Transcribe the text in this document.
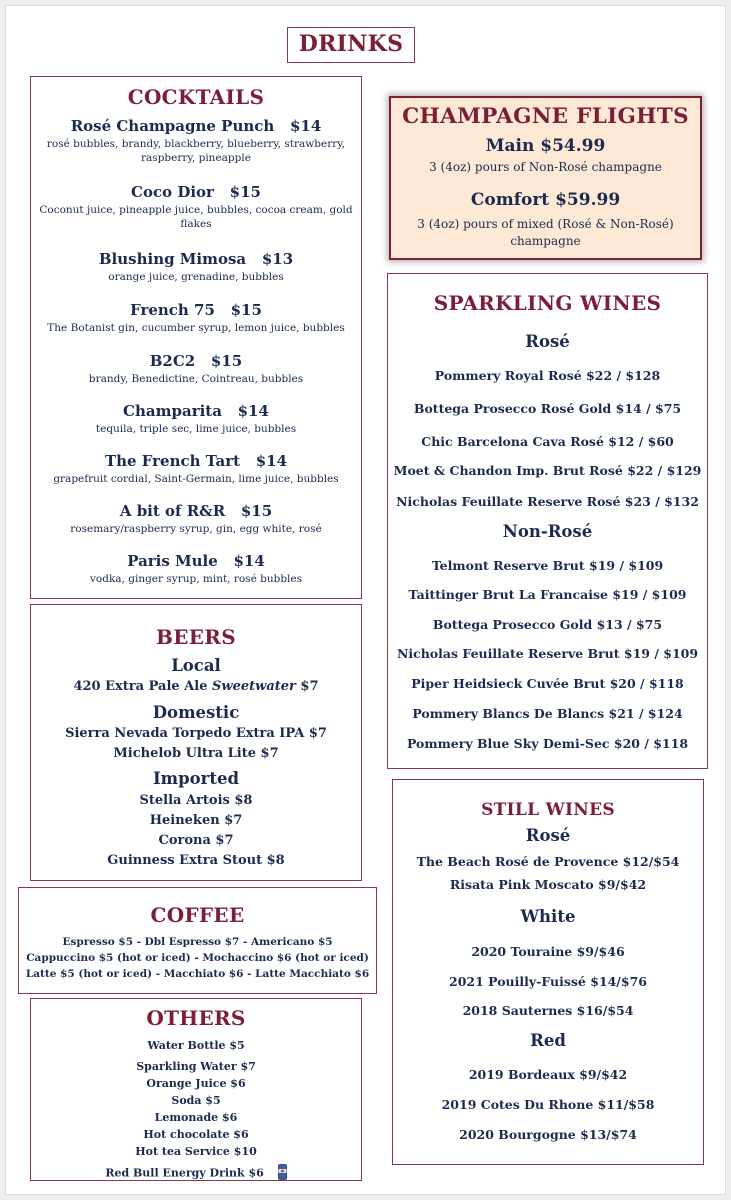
DRINKS
COCKTAILS
Rosé Champagne Punch $14
rosé bubbles, brandy, blackberry, blueberry, strawberry, raspberry, pineapple
Coco Dior $15
Coconut juice, pineapple juice, bubbles, cocoa cream, gold flakes
Blushing Mimosa $13
orange juice, grenadine, bubbles
French 75 $15
The Botanist gin, cucumber syrup, lemon juice, bubbles
B2C2 $15
brandy, Benedictine, Cointreau, bubbles
Champarita $14
tequila, triple sec, lime juice, bubbles
The French Tart $14
grapefruit cordial, Saint-Germain, lime juice, bubbles
A bit of R&R $15
rosemary/raspberry syrup, gin, egg white, rosé
Paris Mule $14
vodka, ginger syrup, mint, rosé bubbles
BEERS
Local
420 Extra Pale Ale Sweetwater $7
Domestic
Sierra Nevada Torpedo Extra IPA $7
Michelob Ultra Lite $7
Imported
Stella Artois $8
Heineken $7
Corona $7
Guinness Extra Stout $8
COFFEE
Espresso $5 - Dbl Espresso $7 - Americano $5
Cappuccino $5 (hot or iced) - Mochaccino $6 (hot or iced)
Latte $5 (hot or iced) - Macchiato $6 - Latte Macchiato $6
OTHERS
Water Bottle $5
Sparkling Water $7
Orange Juice $6
Soda $5
Lemonade $6
Hot chocolate $6
Hot tea Service $10
Red Bull Energy Drink $6
CHAMPAGNE FLIGHTS
Main $54.99
3 (4oz) pours of Non-Rosé champagne
Comfort $59.99
3 (4oz) pours of mixed (Rosé & Non-Rosé) champagne
SPARKLING WINES
Rosé
Pommery Royal Rosé $22 / $128
Bottega Prosecco Rosé Gold $14 / $75
Chic Barcelona Cava Rosé $12 / $60
Moet & Chandon Imp. Brut Rosé $22 / $129
Nicholas Feuillate Reserve Rosé $23 / $132
Non-Rosé
Telmont Reserve Brut $19 / $109
Taittinger Brut La Francaise $19 / $109
Bottega Prosecco Gold $13 / $75
Nicholas Feuillate Reserve Brut $19 / $109
Piper Heidsieck Cuvée Brut $20 / $118
Pommery Blancs De Blancs $21 / $124
Pommery Blue Sky Demi-Sec $20 / $118
STILL WINES
Rosé
The Beach Rosé de Provence $12/$54
Risata Pink Moscato $9/$42
White
2020 Touraine $9/$46
2021 Pouilly-Fuissé $14/$76
2018 Sauternes $16/$54
Red
2019 Bordeaux $9/$42
2019 Cotes Du Rhone $11/$58
2020 Bourgogne $13/$74
